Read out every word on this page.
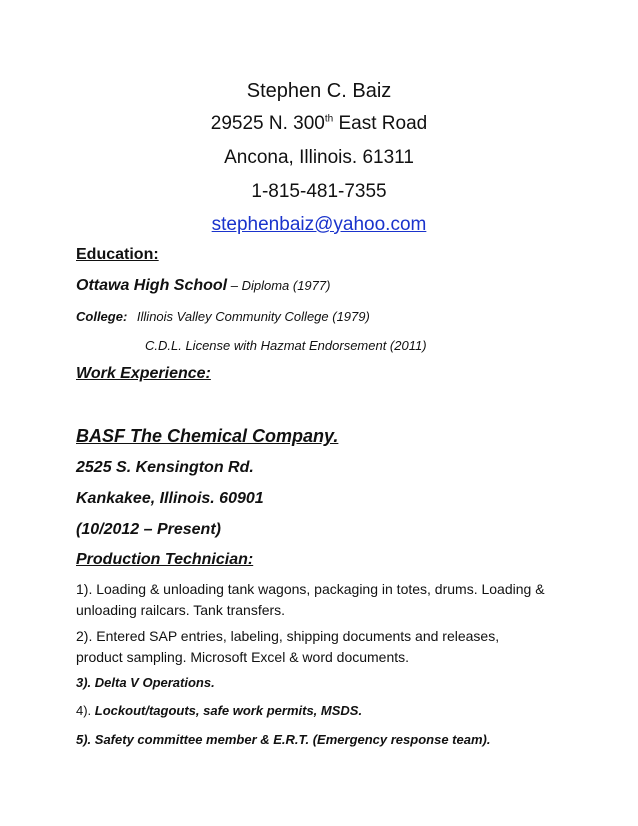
Stephen C. Baiz
29525 N. 300th East Road
Ancona, Illinois. 61311
1-815-481-7355
stephenbaiz@yahoo.com
Education:
Ottawa High School – Diploma (1977)
College: Illinois Valley Community College (1979)
C.D.L. License with Hazmat Endorsement (2011)
Work Experience:
BASF The Chemical Company.
2525 S. Kensington Rd.
Kankakee, Illinois. 60901
(10/2012 – Present)
Production Technician:
1). Loading & unloading tank wagons, packaging in totes, drums. Loading & unloading railcars. Tank transfers.
2). Entered SAP entries, labeling, shipping documents and releases, product sampling. Microsoft Excel & word documents.
3). Delta V Operations.
4). Lockout/tagouts, safe work permits, MSDS.
5). Safety committee member & E.R.T. (Emergency response team).
